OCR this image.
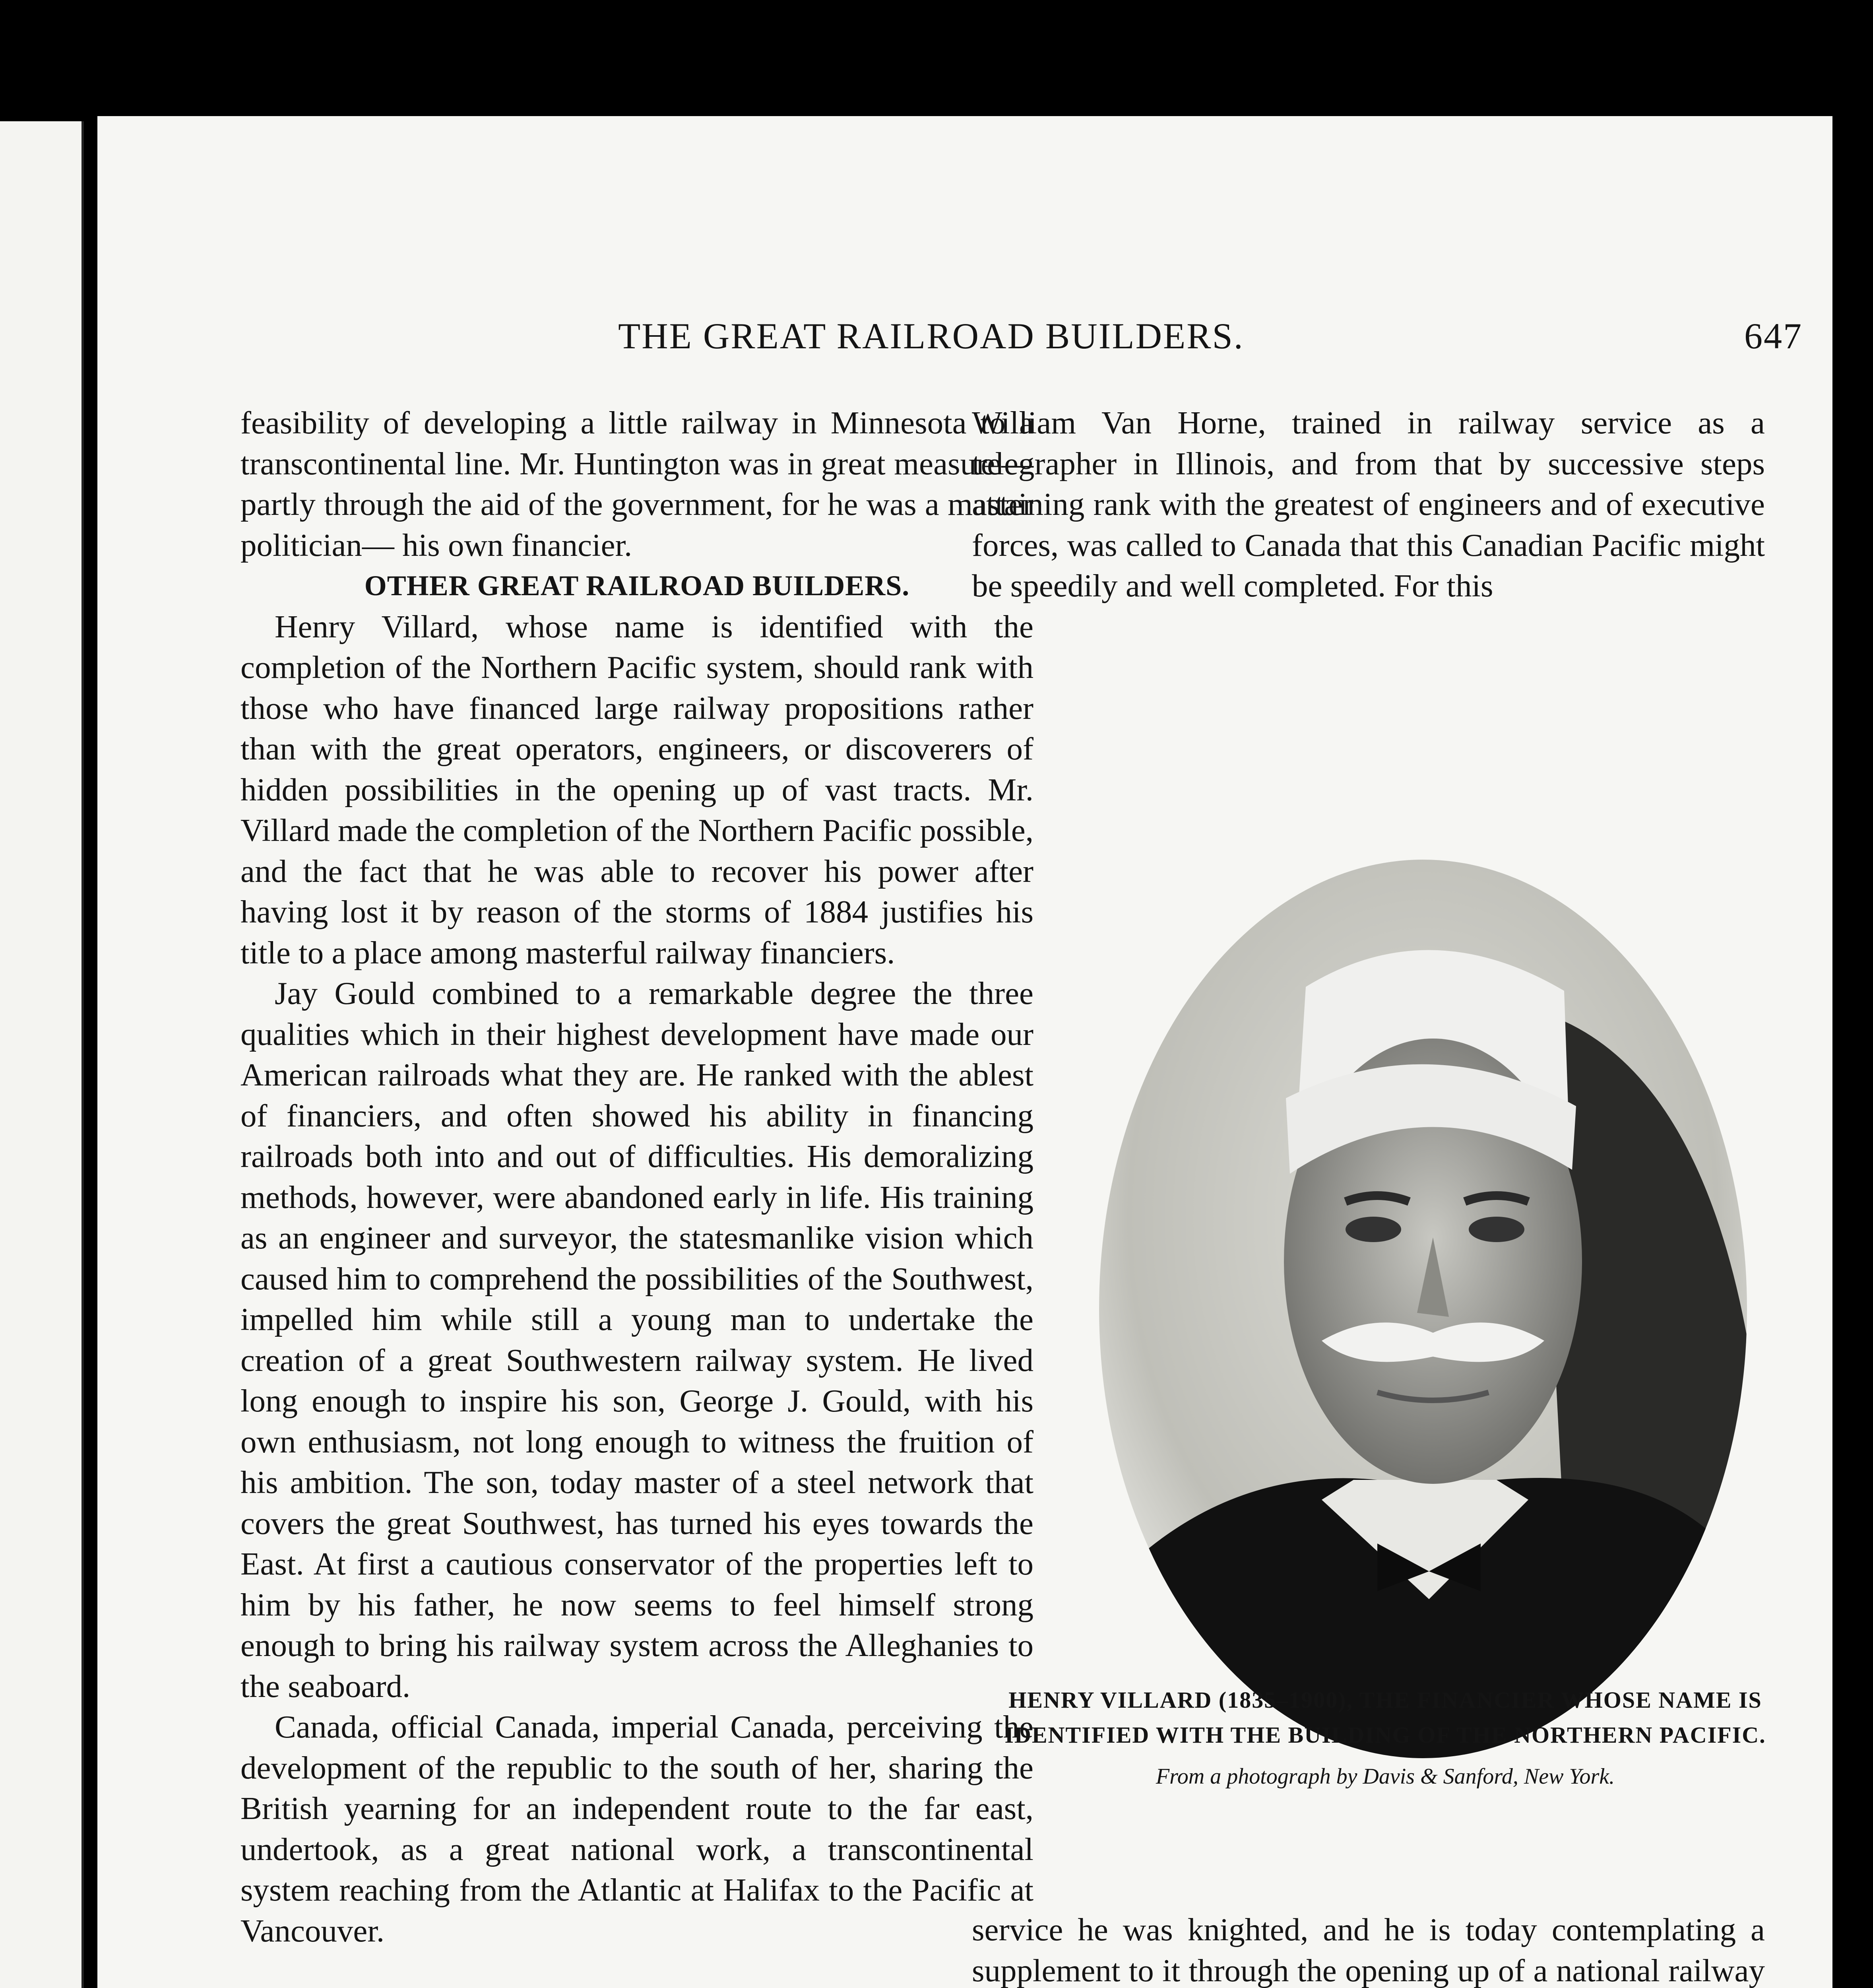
THE GREAT RAILROAD BUILDERS.	647

feasibility of developing a little railway in Minnesota to a transcontinental line. Mr. Huntington was in great measure— partly through the aid of the government, for he was a master politician— his own financier.

OTHER GREAT RAILROAD BUILDERS.

Henry Villard, whose name is identified with the completion of the Northern Pacific system, should rank with those who have financed large railway propositions rather than with the great operators, engineers, or discoverers of hidden possibilities in the opening up of vast tracts. Mr. Villard made the completion of the Northern Pacific possible, and the fact that he was able to recover his power after having lost it by reason of the storms of 1884 justifies his title to a place among masterful railway financiers.

Jay Gould combined to a remarkable degree the three qualities which in their highest development have made our American railroads what they are. He ranked with the ablest of financiers, and often showed his ability in financing railroads both into and out of difficulties. His demoralizing methods, however, were abandoned early in life. His training as an engineer and surveyor, the statesmanlike vision which caused him to comprehend the possibilities of the Southwest, impelled him while still a young man to undertake the creation of a great Southwestern railway system. He lived long enough to inspire his son, George J. Gould, with his own enthusiasm, not long enough to witness the fruition of his ambition. The son, today master of a steel network that covers the great Southwest, has turned his eyes towards the East. At first a cautious conservator of the properties left to him by his father, he now seems to feel himself strong enough to bring his railway system across the Alleghanies to the seaboard.

Canada, official Canada, imperial Canada, perceiving the development of the republic to the south of her, sharing the British yearning for an independent route to the far east, undertook, as a great national work, a transcontinental system reaching from the Atlantic at Halifax to the Pacific at Vancouver.

William Van Horne, trained in railway service as a telegrapher in Illinois, and from that by successive steps attaining rank with the greatest of engineers and of executive forces, was called to Canada that this Canadian Pacific might be speedily and well completed. For this

HENRY VILLARD (1835–1900), THE FINANCIER WHOSE NAME IS IDENTIFIED WITH THE BUILDING OF THE NORTHERN PACIFIC.
From a photograph by Davis & Sanford, New York.

service he was knighted, and he is today contemplating a supplement to it through the opening up of a national railway
